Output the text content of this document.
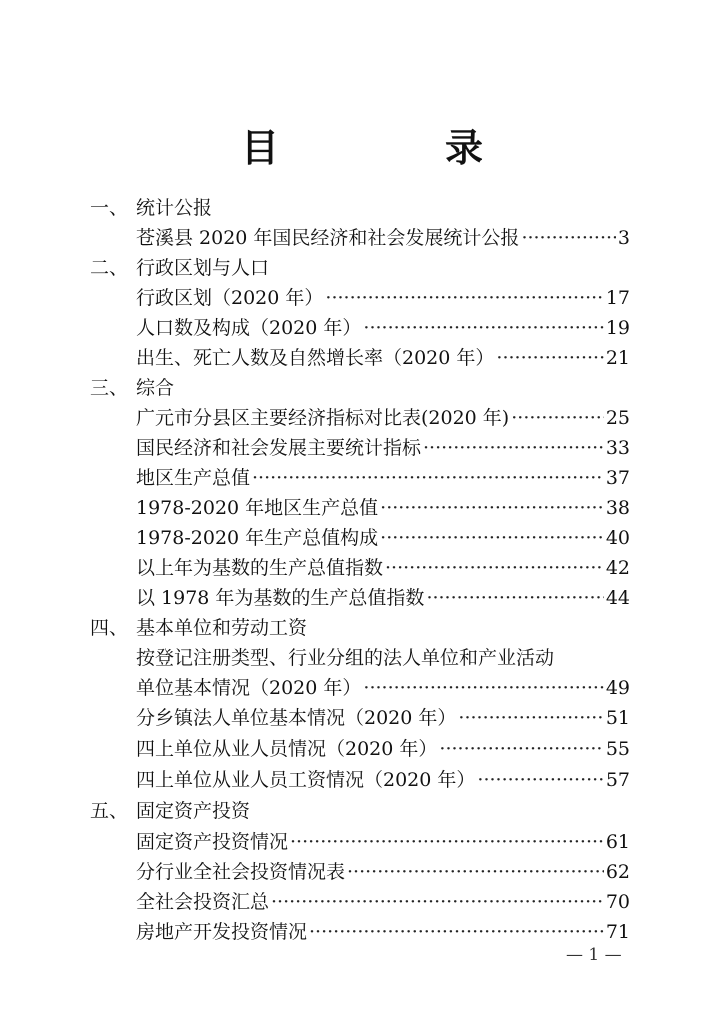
目　录
一、 统计公报
苍溪县 2020 年国民经济和社会发展统计公报 ·····	3
二、 行政区划与人口
行政区划（2020 年） ·····	17
人口数及构成（2020 年） ·····	19
出生、死亡人数及自然增长率（2020 年） ·····	21
三、 综合
广元市分县区主要经济指标对比表(2020 年) ·····	25
国民经济和社会发展主要统计指标 ·····	33
地区生产总值 ·····	37
1978-2020 年地区生产总值 ·····	38
1978-2020 年生产总值构成 ·····	40
以上年为基数的生产总值指数 ·····	42
以 1978 年为基数的生产总值指数 ·····	44
四、 基本单位和劳动工资
按登记注册类型、行业分组的法人单位和产业活动
单位基本情况（2020 年） ·····	49
分乡镇法人单位基本情况（2020 年） ·····	51
四上单位从业人员情况（2020 年） ·····	55
四上单位从业人员工资情况（2020 年） ·····	57
五、 固定资产投资
固定资产投资情况 ·····	61
分行业全社会投资情况表 ·····	62
全社会投资汇总 ·····	70
房地产开发投资情况 ·····	71
— 1 —
